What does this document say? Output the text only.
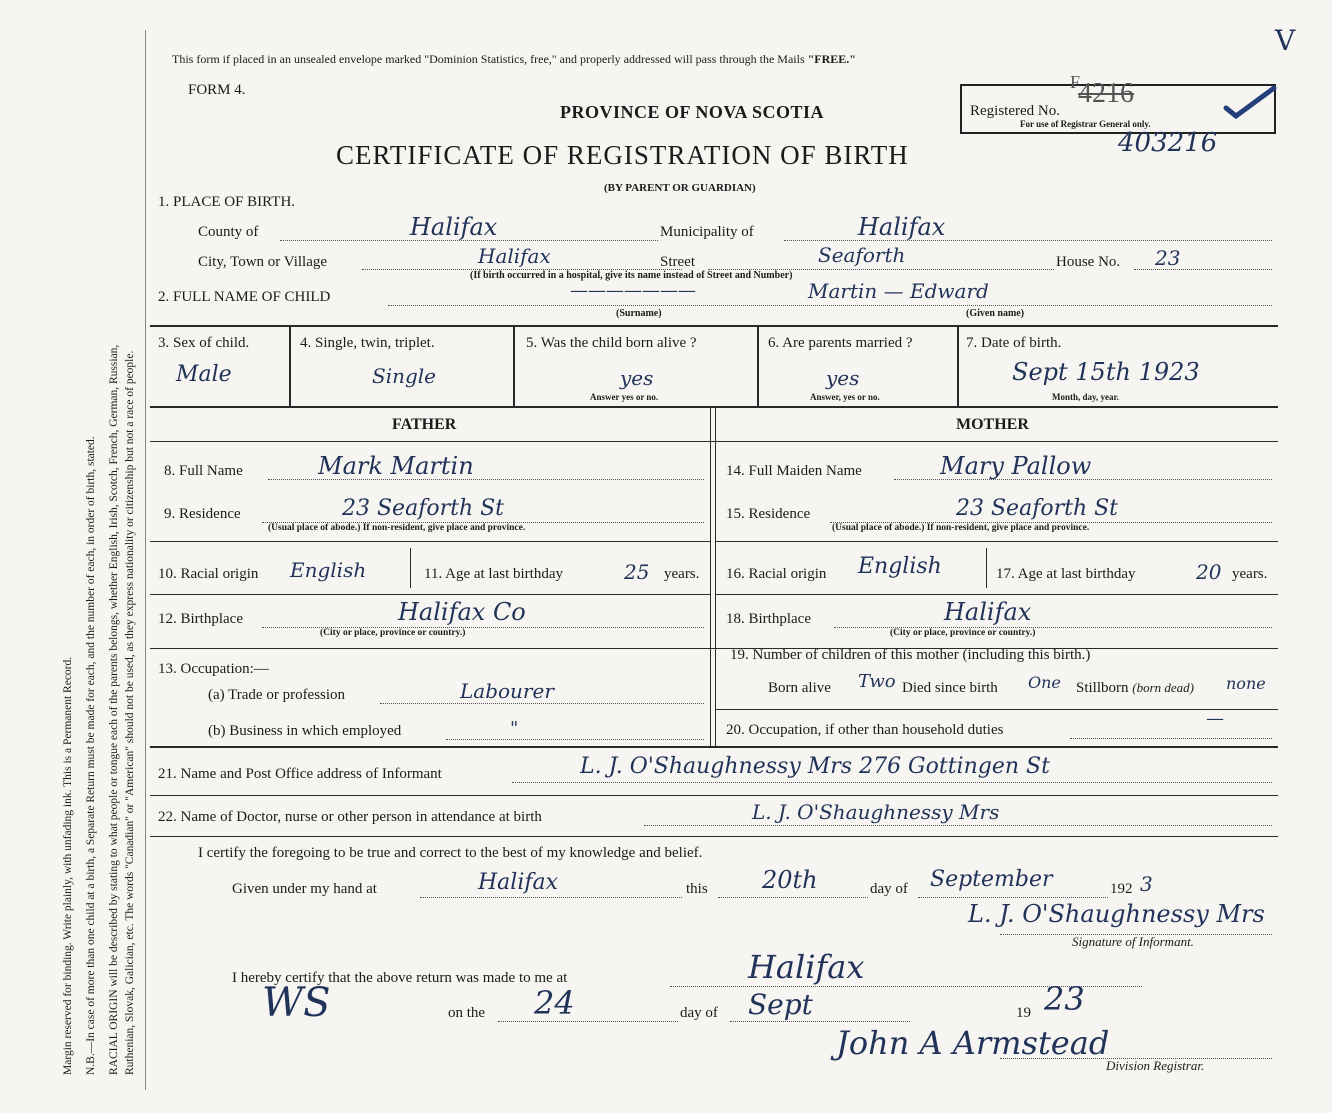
Margin reserved for binding. Write plainly, with unfading ink. This is a Permanent Record. N.B.—In case of more than one child at a birth, a Separate Return must be made for each, and the number of each, in order of birth, stated. RACIAL ORIGIN will be described by stating to what people or tongue each of the parents belongs, whether English, Irish, Scotch, French, German, Russian, Ruthenian, Slovak, Galician, etc. The words "Canadian" or "American" should not be used, as they express nationality or citizenship but not a race of people.
This form if placed in an unsealed envelope marked "Dominion Statistics, free," and properly addressed will pass through the Mails "FREE."
V
FORM 4.
PROVINCE OF NOVA SCOTIA	Registered No.
F
4216
For use of Registrar General only.
CERTIFICATE OF REGISTRATION OF BIRTH	403216
(BY PARENT OR GUARDIAN)
1. PLACE OF BIRTH.
County of	Halifax	Municipality of	Halifax
City, Town or Village	Halifax	Street	Seaforth	House No. 23
(If birth occurred in a hospital, give its name instead of Street and Number)
2. FULL NAME OF CHILD	———————	Martin — Edward
(Surname)	(Given name)
3. Sex of child.
Male
4. Single, twin, triplet.
Single
5. Was the child born alive ?
yes
Answer yes or no.
6. Are parents married ?
yes
Answer, yes or no.
7. Date of birth.
Sept 15th 1923
Month, day, year.
FATHER	MOTHER
8. Full Name	Mark Martin
9. Residence	23 Seaforth St
(Usual place of abode.) If non-resident, give place and province.
10. Racial origin English	11. Age at last birthday	25 years.
12. Birthplace	Halifax Co
(City or place, province or country.)
13. Occupation:—
(a) Trade or profession	Labourer
(b) Business in which employed	"
14. Full Maiden Name	Mary Pallow
15. Residence	23 Seaforth St
(Usual place of abode.) If non-resident, give place and province.
16. Racial origin English	17. Age at last birthday	20 years.
18. Birthplace	Halifax
(City or place, province or country.)
19. Number of children of this mother (including this birth.)
Born alive Two Died since birth One Stillborn (born dead) none
20. Occupation, if other than household duties
—
21. Name and Post Office address of Informant	L. J. O'Shaughnessy Mrs 276 Gottingen St
22. Name of Doctor, nurse or other person in attendance at birth	L. J. O'Shaughnessy Mrs
I certify the foregoing to be true and correct to the best of my knowledge and belief.
Given under my hand at	Halifax	this 20th	day of September	192 3
L. J. O'Shaughnessy Mrs
Signature of Informant.
I hereby certify that the above return was made to me at	Halifax
WS	on the 24	day of Sept	19 23
John A Armstead
Division Registrar.
